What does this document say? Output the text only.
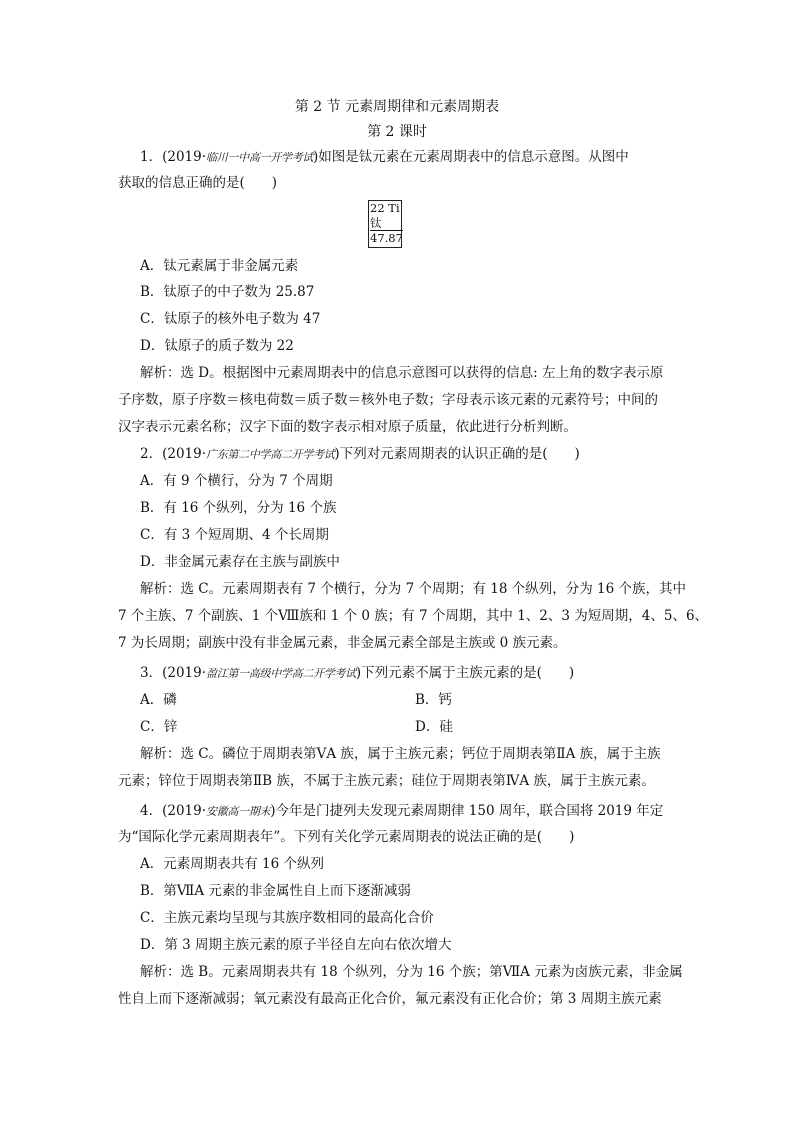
第 2 节 元素周期律和元素周期表
第 2 课时
1．(2019·临川一中高一开学考试)如图是钛元素在元素周期表中的信息示意图。从图中
获取的信息正确的是(　　)
22 Ti
钛
47.87
A．钛元素属于非金属元素
B．钛原子的中子数为 25.87
C．钛原子的核外电子数为 47
D．钛原子的质子数为 22
解析：选 D。根据图中元素周期表中的信息示意图可以获得的信息: 左上角的数字表示原
子序数，原子序数＝核电荷数＝质子数＝核外电子数；字母表示该元素的元素符号；中间的
汉字表示元素名称；汉字下面的数字表示相对原子质量，依此进行分析判断。
2．(2019·广东第二中学高二开学考试)下列对元素周期表的认识正确的是(　　)
A．有 9 个横行，分为 7 个周期
B．有 16 个纵列，分为 16 个族
C．有 3 个短周期、4 个长周期
D．非金属元素存在主族与副族中
解析：选 C。元素周期表有 7 个横行，分为 7 个周期；有 18 个纵列，分为 16 个族，其中
7 个主族、7 个副族、1 个Ⅷ族和 1 个 0 族；有 7 个周期，其中 1、2、3 为短周期，4、5、6、
7 为长周期；副族中没有非金属元素，非金属元素全部是主族或 0 族元素。
3．(2019·盈江第一高级中学高二开学考试)下列元素不属于主族元素的是(　　)
A．磷	B．钙
C．锌	D．硅
解析：选 C。磷位于周期表第ⅤA 族，属于主族元素；钙位于周期表第ⅡA 族，属于主族
元素；锌位于周期表第ⅡB 族，不属于主族元素；硅位于周期表第ⅣA 族，属于主族元素。
4．(2019·安徽高一期末)今年是门捷列夫发现元素周期律 150 周年，联合国将 2019 年定
为“国际化学元素周期表年”。下列有关化学元素周期表的说法正确的是(　　)
A．元素周期表共有 16 个纵列
B．第ⅦA 元素的非金属性自上而下逐渐减弱
C．主族元素均呈现与其族序数相同的最高化合价
D．第 3 周期主族元素的原子半径自左向右依次增大
解析：选 B。元素周期表共有 18 个纵列，分为 16 个族；第ⅦA 元素为卤族元素，非金属
性自上而下逐渐减弱；氧元素没有最高正化合价，氟元素没有正化合价；第 3 周期主族元素
